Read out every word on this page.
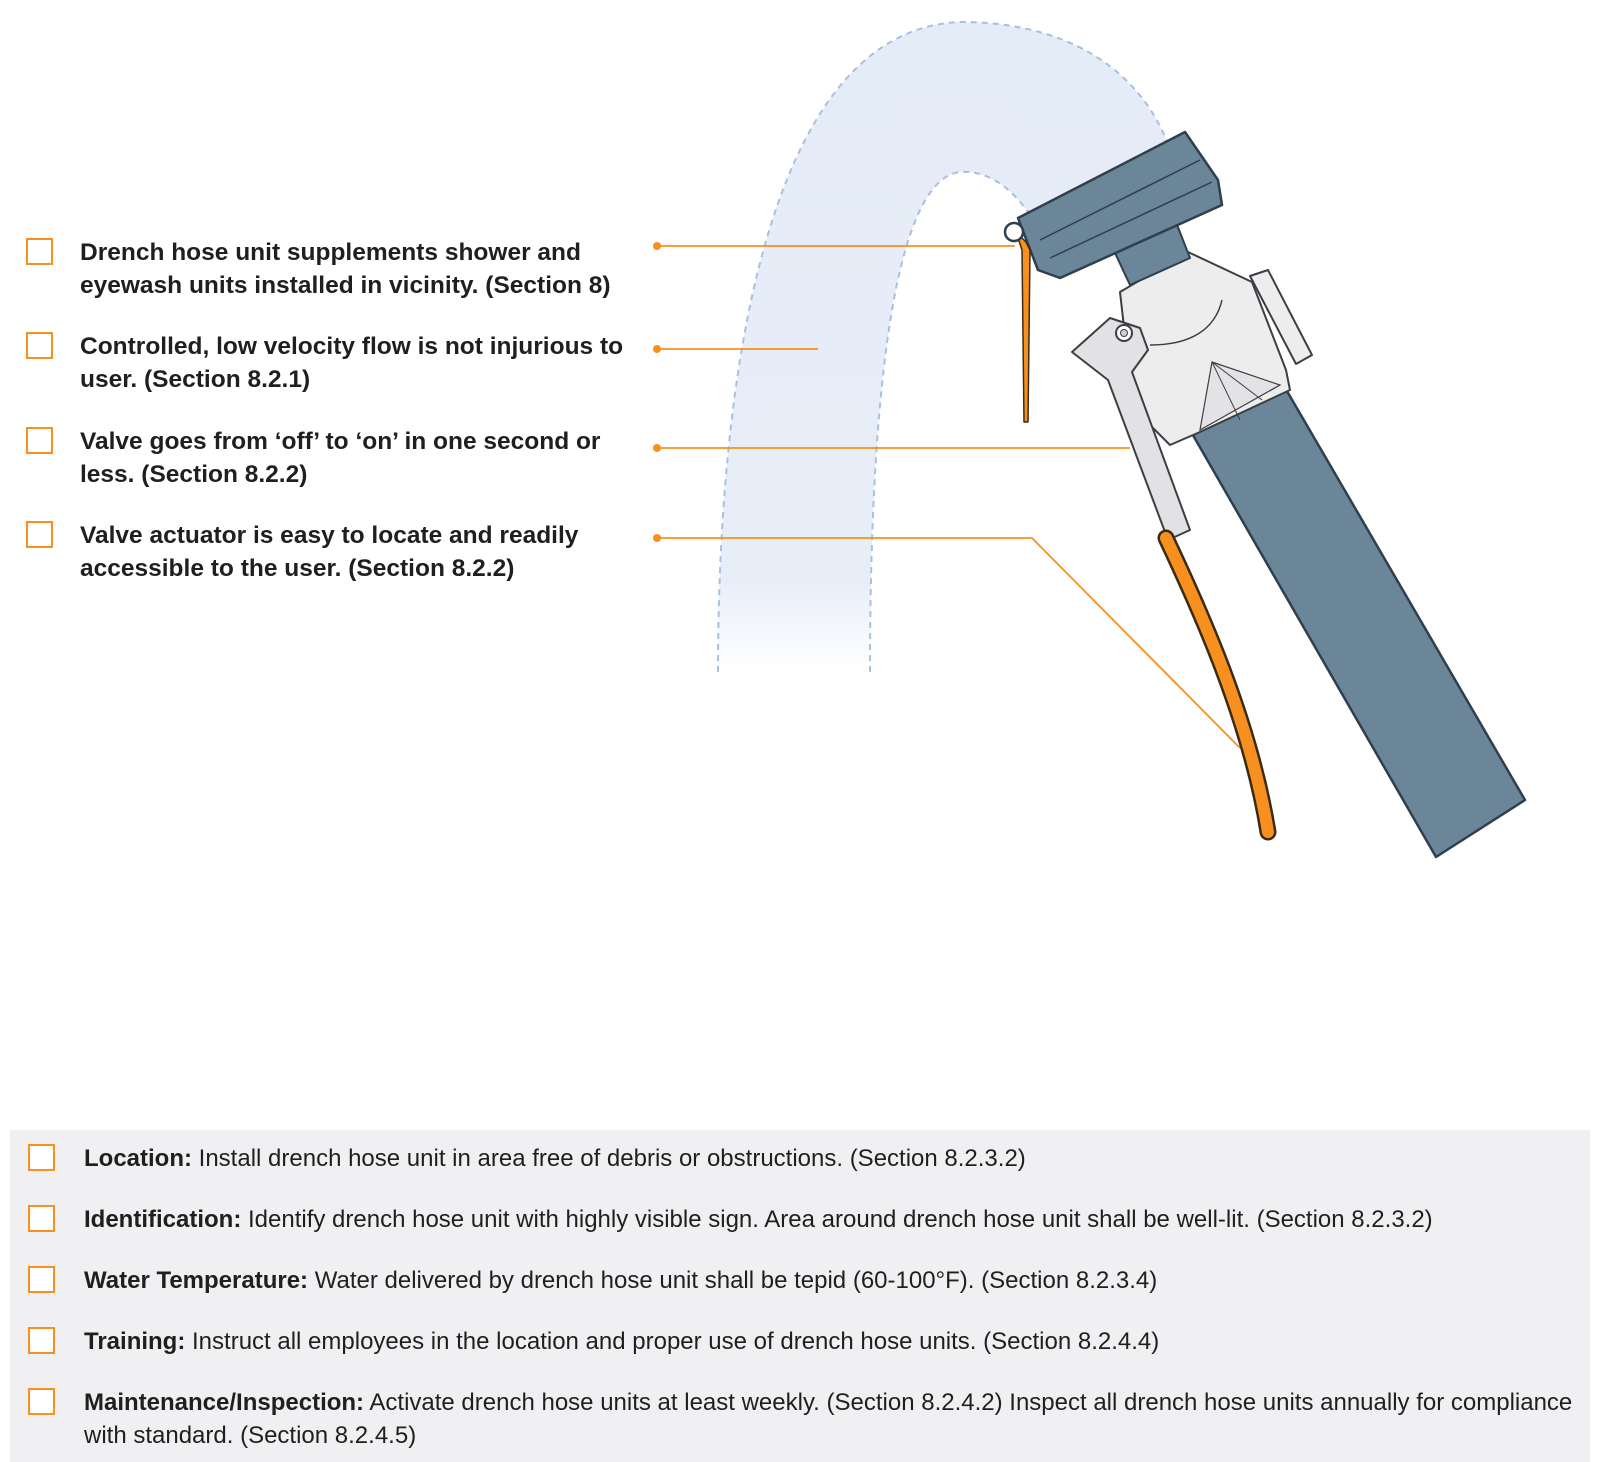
Drench hose unit supplements shower and eyewash units installed in vicinity. (Section 8)
Controlled, low velocity flow is not injurious to user. (Section 8.2.1)
Valve goes from ‘off’ to ‘on’ in one second or less. (Section 8.2.2)
Valve actuator is easy to locate and readily accessible to the user. (Section 8.2.2)
Location: Install drench hose unit in area free of debris or obstructions. (Section 8.2.3.2)
Identification: Identify drench hose unit with highly visible sign. Area around drench hose unit shall be well-lit. (Section 8.2.3.2)
Water Temperature: Water delivered by drench hose unit shall be tepid (60-100°F). (Section 8.2.3.4)
Training: Instruct all employees in the location and proper use of drench hose units. (Section 8.2.4.4)
Maintenance/Inspection: Activate drench hose units at least weekly. (Section 8.2.4.2) Inspect all drench hose units annually for compliance with standard. (Section 8.2.4.5)
